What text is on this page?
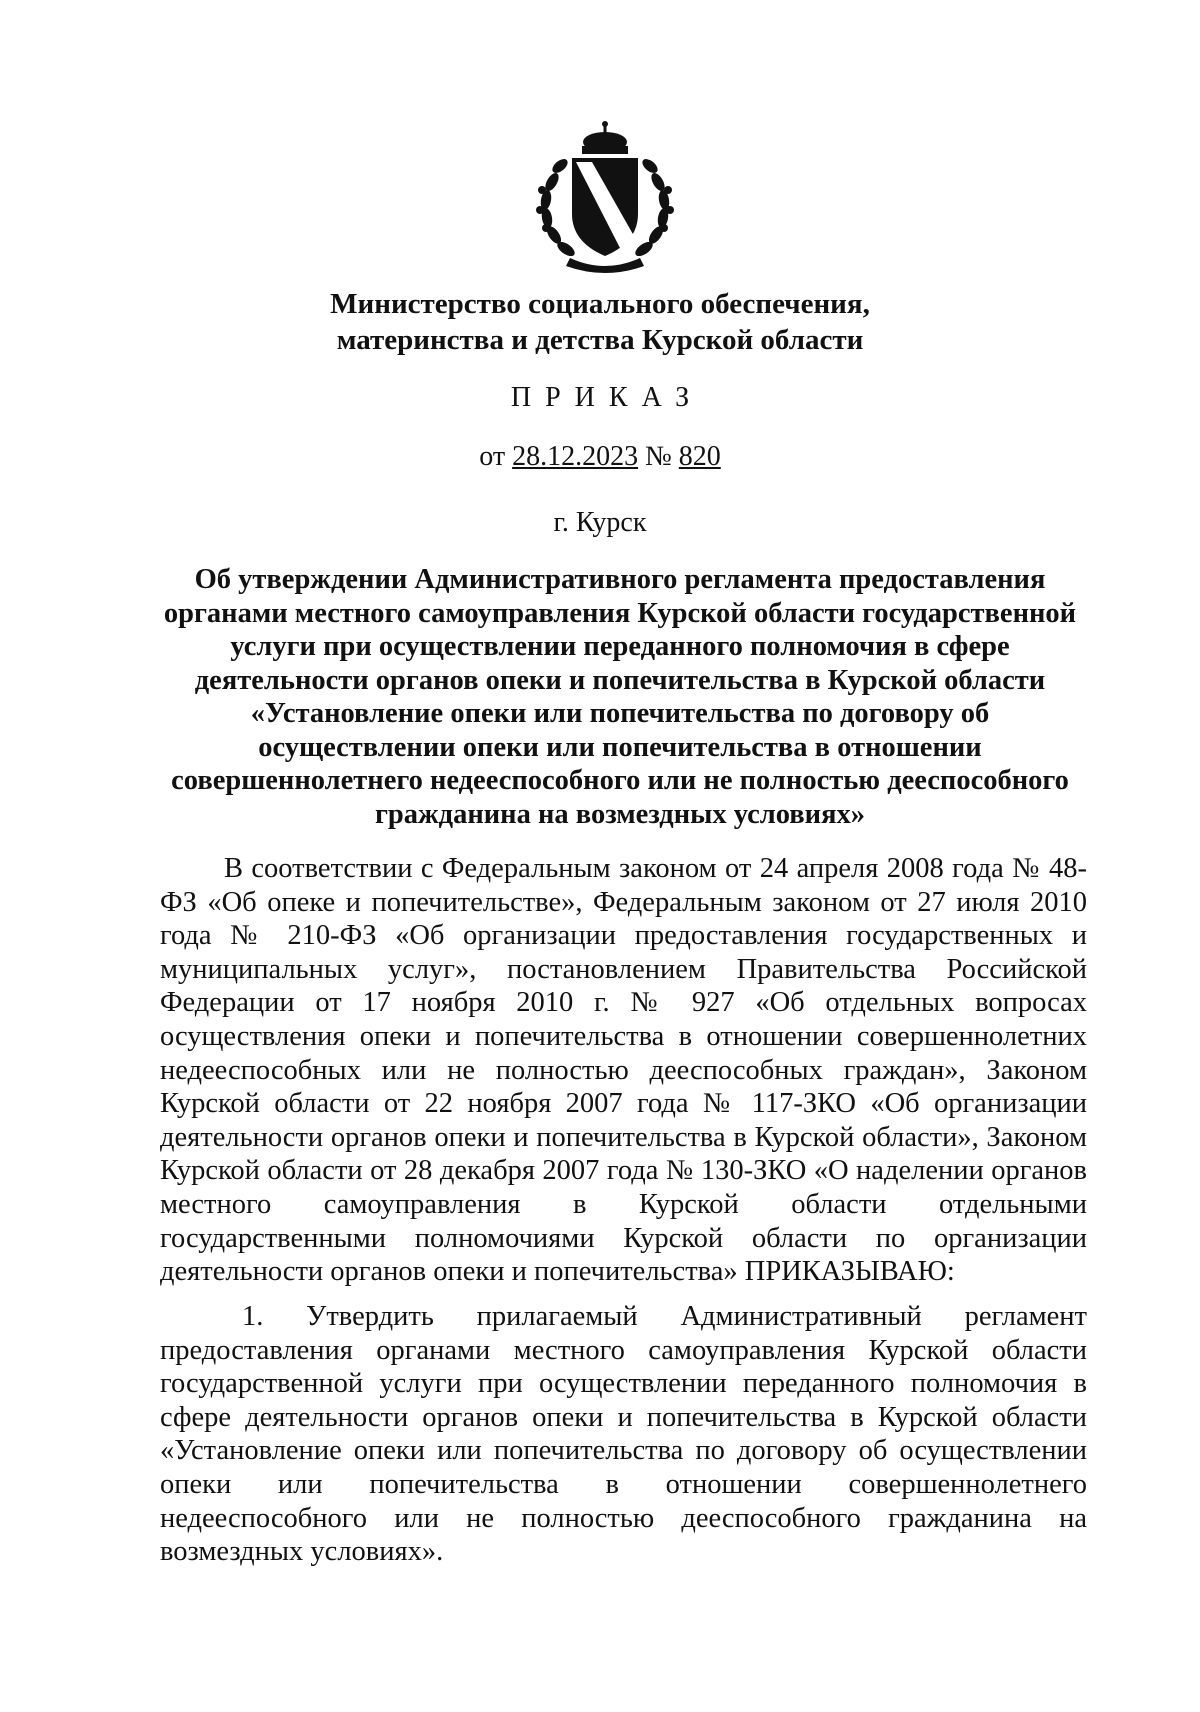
Министерство социального обеспечения,
материнства и детства Курской области
ПРИКАЗ
от 28.12.2023 № 820
г. Курск
Об утверждении Административного регламента предоставления органами местного самоуправления Курской области государственной услуги при осуществлении переданного полномочия в сфере деятельности органов опеки и попечительства в Курской области «Установление опеки или попечительства по договору об осуществлении опеки или попечительства в отношении совершеннолетнего недееспособного или не полностью дееспособного гражданина на возмездных условиях»
В соответствии с Федеральным законом от 24 апреля 2008 года № 48-ФЗ «Об опеке и попечительстве», Федеральным законом от 27 июля 2010 года № 210-ФЗ «Об организации предоставления государственных и муниципальных услуг», постановлением Правительства Российской Федерации от 17 ноября 2010 г. № 927 «Об отдельных вопросах осуществления опеки и попечительства в отношении совершеннолетних недееспособных или не полностью дееспособных граждан», Законом Курской области от 22 ноября 2007 года № 117-ЗКО «Об организации деятельности органов опеки и попечительства в Курской области», Законом Курской области от 28 декабря 2007 года № 130-ЗКО «О наделении органов местного самоуправления в Курской области отдельными государственными полномочиями Курской области по организации деятельности органов опеки и попечительства» ПРИКАЗЫВАЮ:
1. Утвердить прилагаемый Административный регламент предоставления органами местного самоуправления Курской области государственной услуги при осуществлении переданного полномочия в сфере деятельности органов опеки и попечительства в Курской области «Установление опеки или попечительства по договору об осуществлении опеки или попечительства в отношении совершеннолетнего недееспособного или не полностью дееспособного гражданина на возмездных условиях».
